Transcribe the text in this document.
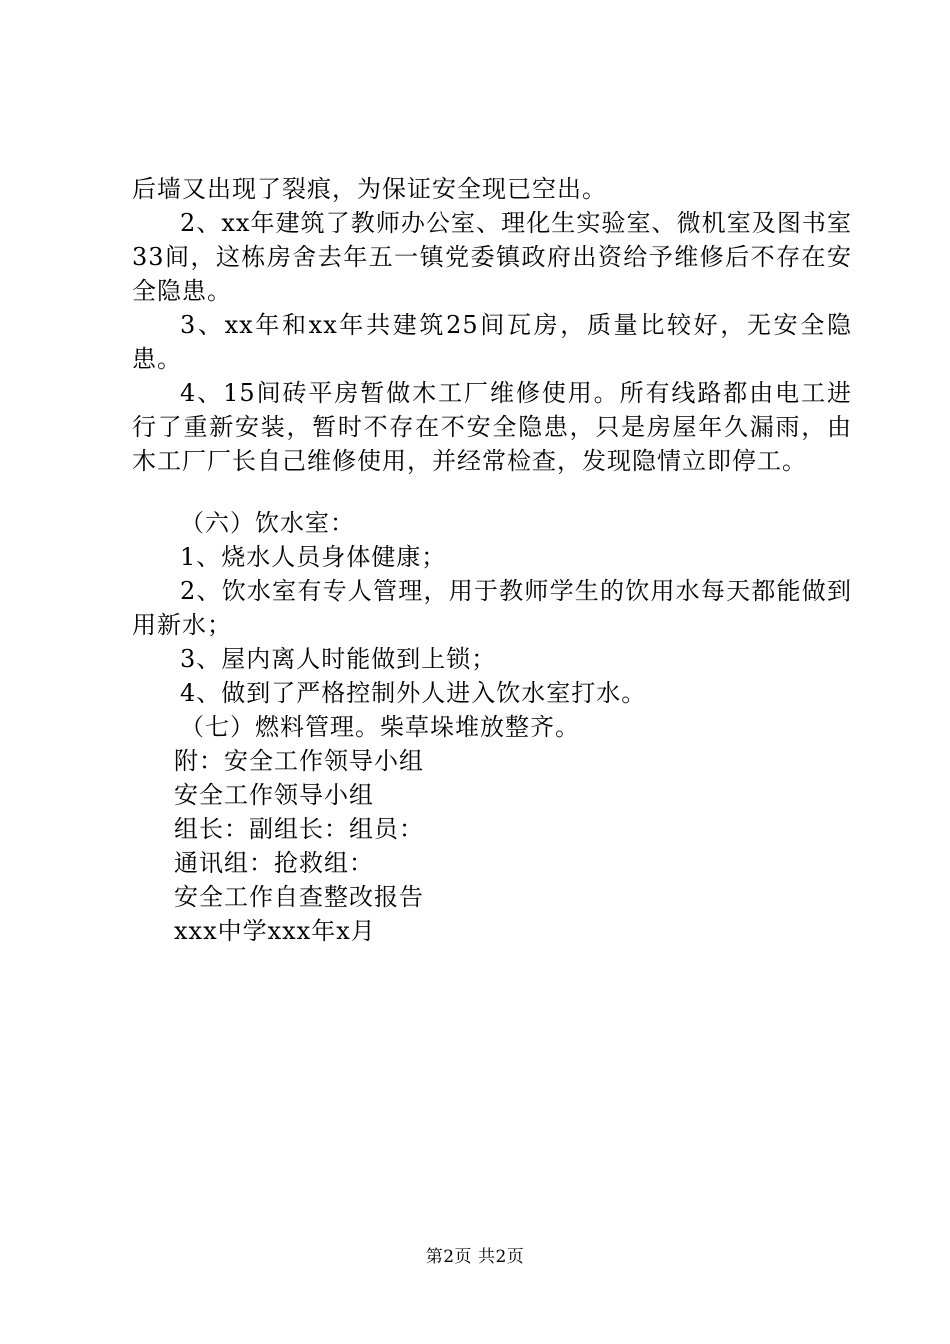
后墙又出现了裂痕，为保证安全现已空出。

2、xx年建筑了教师办公室、理化生实验室、微机室及图书室33间，这栋房舍去年五一镇党委镇政府出资给予维修后不存在安全隐患。

3、xx年和xx年共建筑25间瓦房，质量比较好，无安全隐患。

4、15间砖平房暂做木工厂维修使用。所有线路都由电工进行了重新安装，暂时不存在不安全隐患，只是房屋年久漏雨，由木工厂厂长自己维修使用，并经常检查，发现隐情立即停工。

（六）饮水室：

1、烧水人员身体健康；

2、饮水室有专人管理，用于教师学生的饮用水每天都能做到用新水；

3、屋内离人时能做到上锁；

4、做到了严格控制外人进入饮水室打水。

（七）燃料管理。柴草垛堆放整齐。

附：安全工作领导小组

安全工作领导小组

组长：副组长：组员：

通讯组：抢救组：

安全工作自查整改报告

xxx中学xxx年x月

第2页 共2页
